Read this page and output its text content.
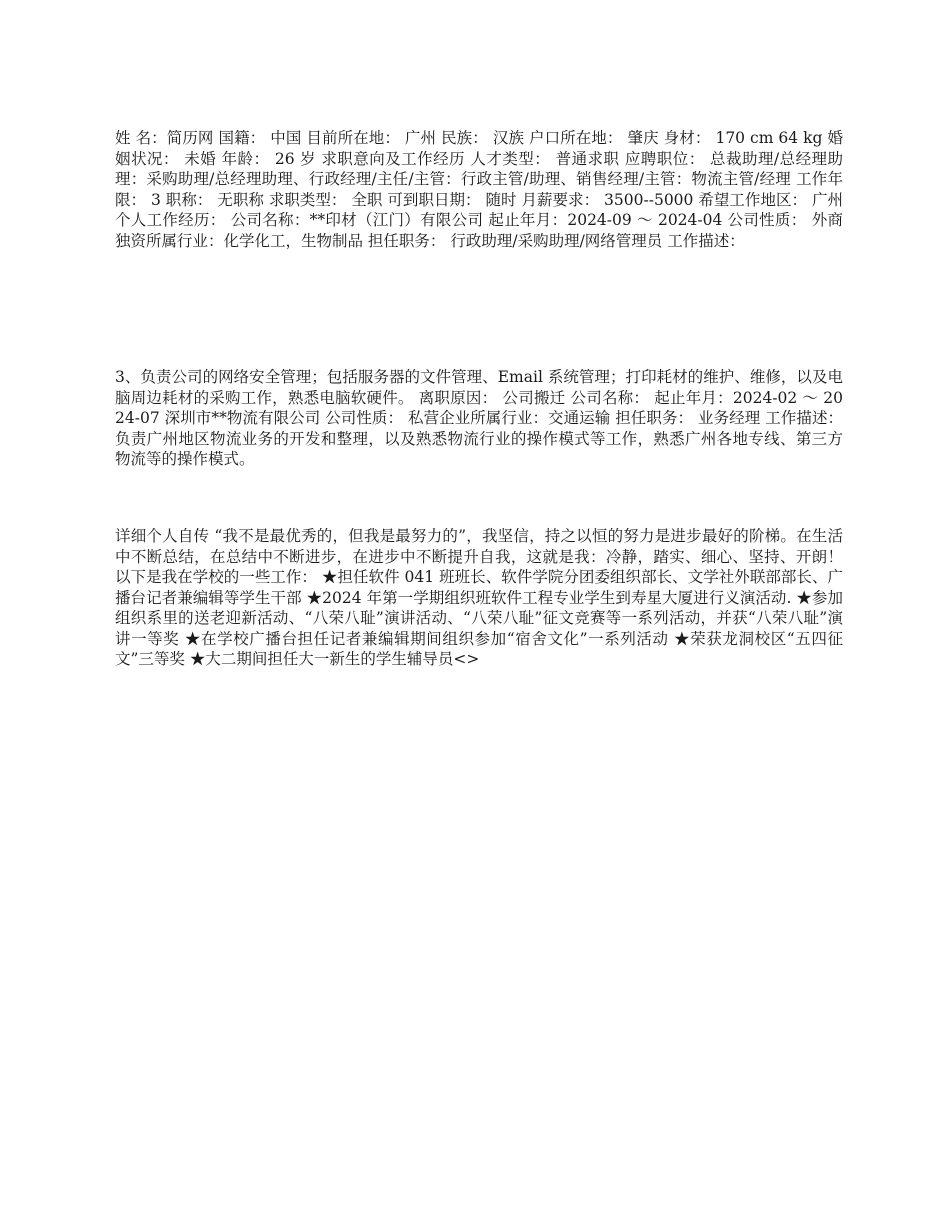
姓 名：简历网 国籍： 中国 目前所在地： 广州 民族： 汉族 户口所在地： 肇庆 身材： 170 cm 64 kg 婚姻状况： 未婚 年龄： 26 岁 求职意向及工作经历 人才类型： 普通求职 应聘职位： 总裁助理/总经理助理：采购助理/总经理助理、行政经理/主任/主管：行政主管/助理、销售经理/主管：物流主管/经理 工作年限： 3 职称： 无职称 求职类型： 全职 可到职日期： 随时 月薪要求： 3500--5000 希望工作地区： 广州 个人工作经历： 公司名称：**印材（江门）有限公司 起止年月：2024-09 ～ 2024-04 公司性质： 外商独资所属行业：化学化工，生物制品 担任职务： 行政助理/采购助理/网络管理员 工作描述：

3、负责公司的网络安全管理；包括服务器的文件管理、Email 系统管理；打印耗材的维护、维修，以及电脑周边耗材的采购工作，熟悉电脑软硬件。 离职原因： 公司搬迁 公司名称： 起止年月：2024-02 ～ 2024-07 深圳市**物流有限公司 公司性质： 私营企业所属行业：交通运输 担任职务： 业务经理 工作描述： 负责广州地区物流业务的开发和整理，以及熟悉物流行业的操作模式等工作，熟悉广州各地专线、第三方物流等的操作模式。

详细个人自传 “我不是最优秀的，但我是最努力的”，我坚信，持之以恒的努力是进步最好的阶梯。在生活中不断总结，在总结中不断进步，在进步中不断提升自我，这就是我：冷静，踏实、细心、坚持、开朗！ 以下是我在学校的一些工作： ★担任软件 041 班班长、软件学院分团委组织部长、文学社外联部部长、广播台记者兼编辑等学生干部 ★2024 年第一学期组织班软件工程专业学生到寿星大厦进行义演活动. ★参加组织系里的送老迎新活动、“八荣八耻”演讲活动、“八荣八耻”征文竞赛等一系列活动，并获“八荣八耻”演讲一等奖 ★在学校广播台担任记者兼编辑期间组织参加“宿舍文化”一系列活动 ★荣获龙洞校区“五四征文”三等奖 ★大二期间担任大一新生的学生辅导员<>
